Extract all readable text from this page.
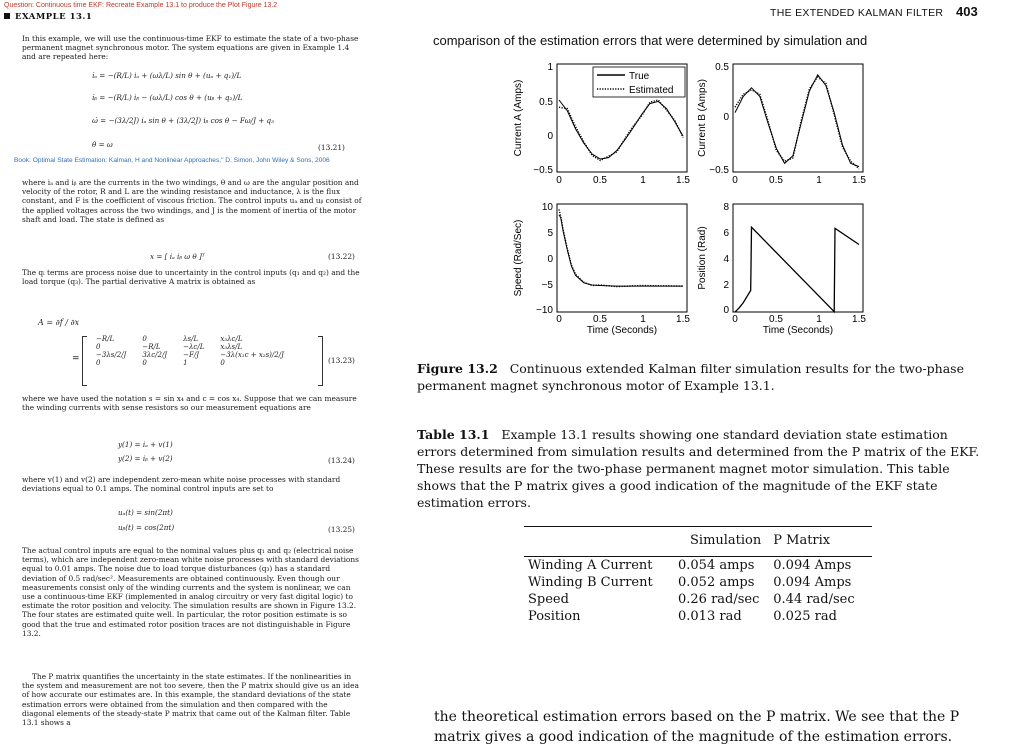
Question: Continuous time EKF: Recreate Example 13.1 to produce the Plot Figure 13.2
EXAMPLE 13.1
In this example, we will use the continuous-time EKF to estimate the state of a two-phase permanent magnet synchronous motor. The system equations are given in Example 1.4 and are repeated here:
i̇ₐ = −(R/L) iₐ + (ωλ/L) sin θ + (uₐ + q₁)/L
i̇ᵦ = −(R/L) iᵦ − (ωλ/L) cos θ + (uᵦ + q₂)/L
ω̇ = −(3λ/2J) iₐ sin θ + (3λ/2J) iᵦ cos θ − Fω/J + q₃
θ̇ = ω	(13.21)
Book: Optimal State Estimation: Kalman, H and Nonlinear Approaches," D. Simon, John Wiley & Sons, 2006
where iₐ and iᵦ are the currents in the two windings, θ and ω are the angular position and velocity of the rotor, R and L are the winding resistance and inductance, λ is the flux constant, and F is the coefficient of viscous friction. The control inputs uₐ and uᵦ consist of the applied voltages across the two windings, and J is the moment of inertia of the motor shaft and load. The state is defined as
x = [ iₐ iᵦ ω θ ]ᵀ	(13.22)
The qᵢ terms are process noise due to uncertainty in the control inputs (q₁ and q₂) and the load torque (q₃). The partial derivative A matrix is obtained as
A = ∂f / ∂x
=
−R/L	0	λs/L	x₃λc/L
0	−R/L	−λc/L	x₃λs/L
−3λs/2/J	3λc/2/J	−F/J	−3λ(x₁c + x₂s)/2/J
0	0	1	0	(13.23)
where we have used the notation s = sin x₄ and c = cos x₄. Suppose that we can measure the winding currents with sense resistors so our measurement equations are
y(1) = iₐ + v(1)
y(2) = iᵦ + v(2)	(13.24)
where v(1) and v(2) are independent zero-mean white noise processes with standard deviations equal to 0.1 amps. The nominal control inputs are set to
uₐ(t) = sin(2πt)
uᵦ(t) = cos(2πt)	(13.25)
The actual control inputs are equal to the nominal values plus q₁ and q₂ (electrical noise terms), which are independent zero-mean white noise processes with standard deviations equal to 0.01 amps. The noise due to load torque disturbances (q₃) has a standard deviation of 0.5 rad/sec². Measurements are obtained continuously. Even though our measurements consist only of the winding currents and the system is nonlinear, we can use a continuous-time EKF (implemented in analog circuitry or very fast digital logic) to estimate the rotor position and velocity. The simulation results are shown in Figure 13.2. The four states are estimated quite well. In particular, the rotor position estimate is so good that the true and estimated rotor position traces are not distinguishable in Figure 13.2.
The P matrix quantifies the uncertainty in the state estimates. If the nonlinearities in the system and measurement are not too severe, then the P matrix should give us an idea of how accurate our estimates are. In this example, the standard deviations of the state estimation errors were obtained from the simulation and then compared with the diagonal elements of the steady-state P matrix that came out of the Kalman filter. Table 13.1 shows a
THE EXTENDED KALMAN FILTER 403
comparison of the estimation errors that were determined by simulation and
Current A (Amps)
1
0.5
0
−0.5
0	0.5	1	1.5
True
Estimated Current B (Amps)
0.5
0
−0.5
0	0.5	1	1.5
Speed (Rad/Sec)
10
5
0
−5
−10
0	0.5	1	1.5
Time (Seconds)
Position (Rad)
8
6
4
2
0
0	0.5	1	1.5
Time (Seconds)
Figure 13.2 Continuous extended Kalman filter simulation results for the two-phase permanent magnet synchronous motor of Example 13.1.
Table 13.1 Example 13.1 results showing one standard deviation state estimation errors determined from simulation results and determined from the P matrix of the EKF. These results are for the two-phase permanent magnet motor simulation. This table shows that the P matrix gives a good indication of the magnitude of the EKF state estimation errors.
	Simulation	P Matrix

Winding A Current	0.054 amps	0.094 Amps
Winding B Current	0.052 amps	0.094 Amps
Speed	0.26 rad/sec	0.44 rad/sec
Position	0.013 rad	0.025 rad
the theoretical estimation errors based on the P matrix. We see that the P matrix gives a good indication of the magnitude of the estimation errors.
